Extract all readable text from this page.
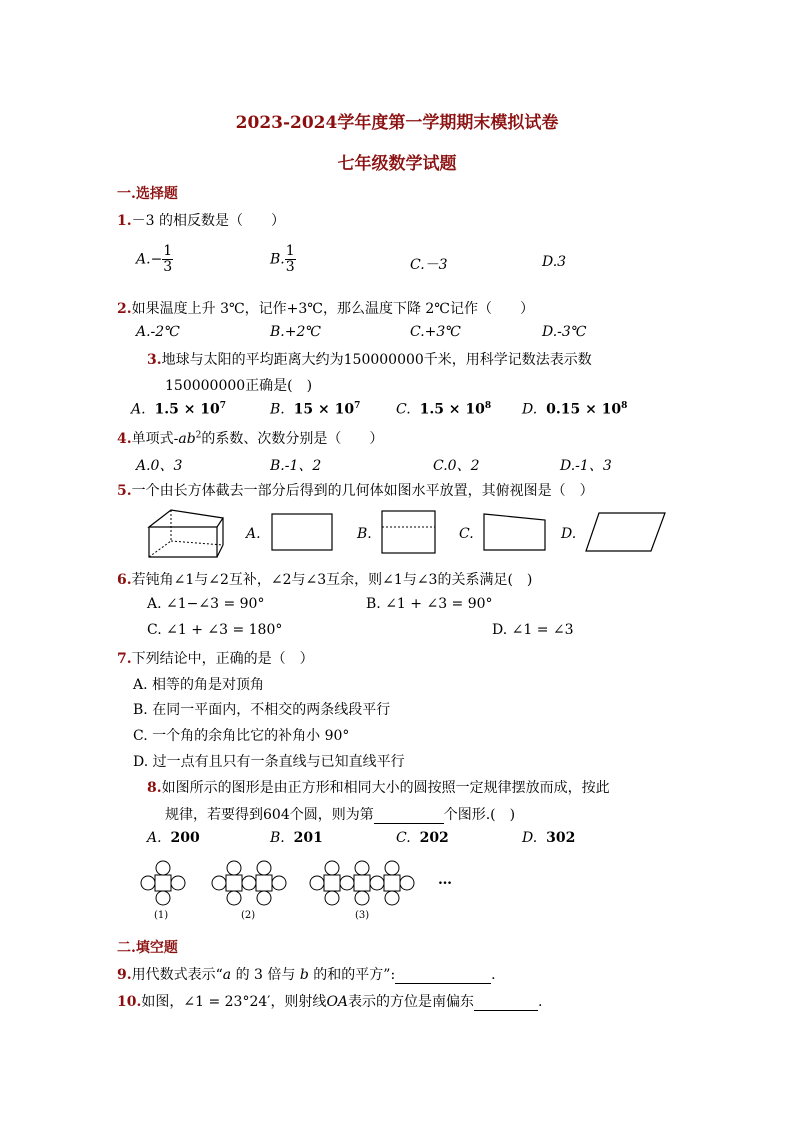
2023-2024学年度第一学期期末模拟试卷
七年级数学试题
一.选择题
1.－3 的相反数是（　　）
$A.- \frac{1}{3}$	B. $\frac{1}{3}$	C.－3	D.3
2.如果温度上升 3℃，记作+3℃，那么温度下降 2℃记作（　　）
A.-2℃	B.+2℃	C.+3℃	D.-3℃
3.地球与太阳的平均距离大约为150000000千米，用科学记数法表示数
150000000正确是(　)
A. $1.5 \times 10^7$	B. $15 \times 10^7$	C. $1.5 \times 10^8$ D. $0.15 \times 10^8$
4.单项式$-ab^2$的系数、次数分别是（　　）
A.0、3	B.-1、2	C.0、2	D.-1、3
5.一个由长方体截去一部分后得到的几何体如图水平放置，其俯视图是（　）
A.	B.	C.	D.
6.若钝角∠1与∠2互补，∠2与∠3互余，则∠1与∠3的关系满足(　)
A. ∠1−∠3 = 90°	B. ∠1 + ∠3 = 90°
C. ∠1 + ∠3 = 180°	D. ∠1 = ∠3
7.下列结论中，正确的是（　）
A. 相等的角是对顶角
B. 在同一平面内，不相交的两条线段平行
C. 一个角的余角比它的补角小 90°
D. 过一点有且只有一条直线与已知直线平行
8.如图所示的图形是由正方形和相同大小的圆按照一定规律摆放而成，按此
规律，若要得到604个圆，则为第	个图形.(　)
A. 200	B. 201	C. 202	D. 302
…
(1)	(2)	(3)
二.填空题
9.用代数式表示“a 的 3 倍与 b 的和的平方”:	.
10.如图，∠1 = 23°24′，则射线OA表示的方位是南偏东	.
